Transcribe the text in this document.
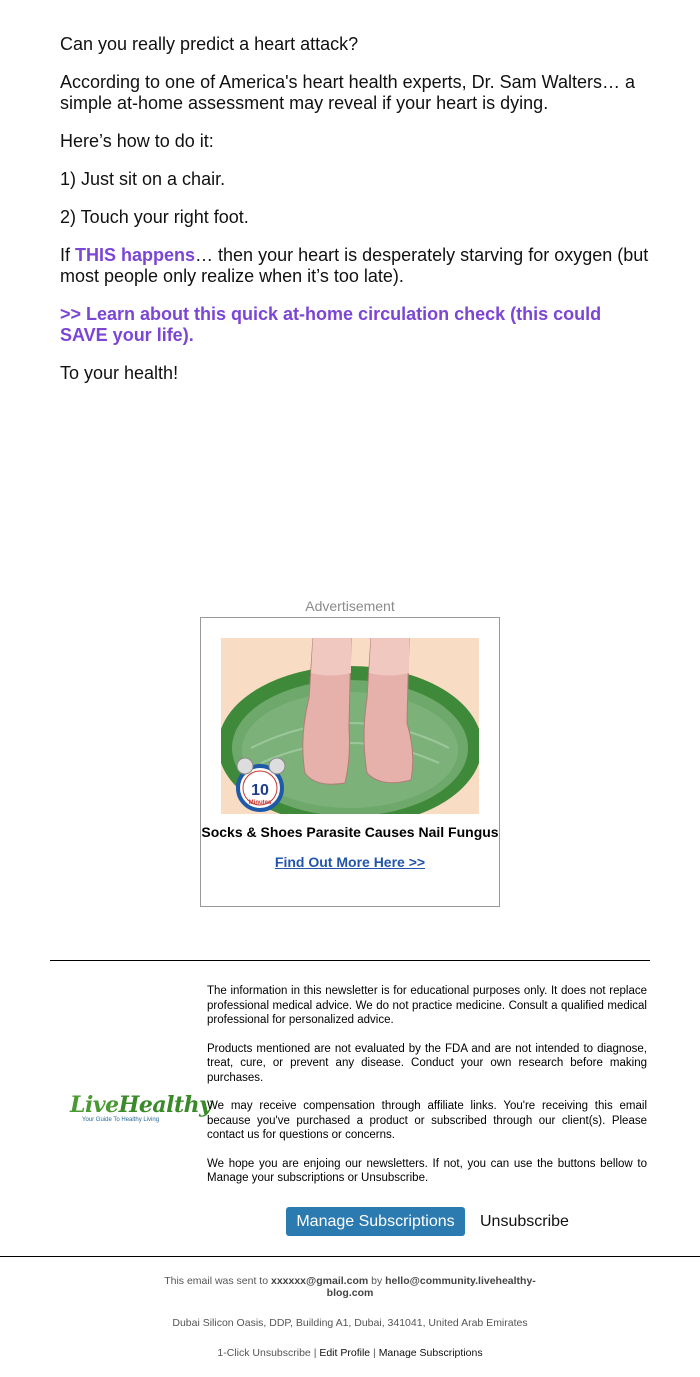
Can you really predict a heart attack?

According to one of America's heart health experts, Dr. Sam Walters… a simple at-home assessment may reveal if your heart is dying.

Here’s how to do it:

1) Just sit on a chair.

2) Touch your right foot.

If THIS happens… then your heart is desperately starving for oxygen (but most people only realize when it’s too late).

>> Learn about this quick at-home circulation check (this could SAVE your life).

To your health!

Advertisement
10
Minutes
Socks & Shoes Parasite Causes Nail Fungus
Find Out More Here >>
LiveHealthy
Your Guide To Healthy Living

The information in this newsletter is for educational purposes only. It does not replace professional medical advice. We do not practice medicine. Consult a qualified medical professional for personalized advice.

Products mentioned are not evaluated by the FDA and are not intended to diagnose, treat, cure, or prevent any disease. Conduct your own research before making purchases.

We may receive compensation through affiliate links. You're receiving this email because you've purchased a product or subscribed through our client(s). Please contact us for questions or concerns.

We hope you are enjoing our newsletters. If not, you can use the buttons bellow to Manage your subscriptions or Unsubscribe.

Manage Subscriptions	Unsubscribe
This email was sent to xxxxxx@gmail.com by hello@community.livehealthy-blog.com
Dubai Silicon Oasis, DDP, Building A1, Dubai, 341041, United Arab Emirates
1-Click Unsubscribe | Edit Profile | Manage Subscriptions
